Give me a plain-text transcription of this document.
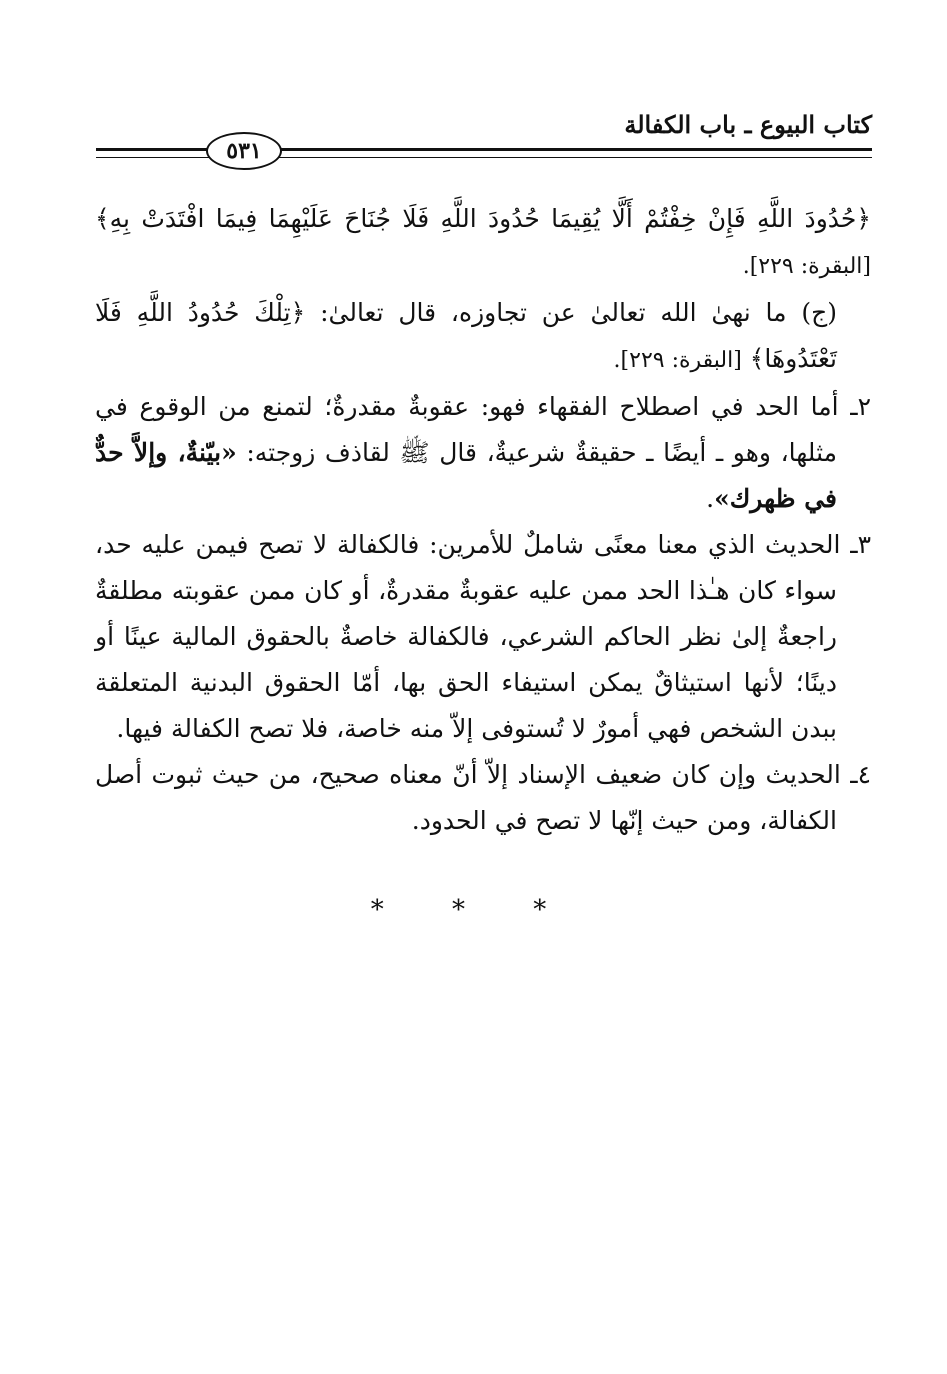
كتاب البيوع ـ باب الكفالة
٥٣١

﴿حُدُودَ اللَّهِ فَإِنْ خِفْتُمْ أَلَّا يُقِيمَا حُدُودَ اللَّهِ فَلَا جُنَاحَ عَلَيْهِمَا فِيمَا افْتَدَتْ بِهِ﴾ [البقرة: ٢٢٩].

(ج) ما نهىٰ الله تعالىٰ عن تجاوزه، قال تعالىٰ: ﴿تِلْكَ حُدُودُ اللَّهِ فَلَا تَعْتَدُوهَا﴾ [البقرة: ٢٢٩].

٢ـ أما الحد في اصطلاح الفقهاء فهو: عقوبةٌ مقدرةٌ؛ لتمنع من الوقوع في مثلها، وهو ـ أيضًا ـ حقيقةٌ شرعيةٌ، قال ﷺ لقاذف زوجته: «بيّنةٌ، وإلاَّ حدٌّ في ظهرك».

٣ـ الحديث الذي معنا معنًى شاملٌ للأمرين: فالكفالة لا تصح فيمن عليه حد، سواء كان هـٰذا الحد ممن عليه عقوبةٌ مقدرةٌ، أو كان ممن عقوبته مطلقةٌ راجعةٌ إلىٰ نظر الحاكم الشرعي، فالكفالة خاصةٌ بالحقوق المالية عينًا أو دينًا؛ لأنها استيثاقٌ يمكن استيفاء الحق بها، أمّا الحقوق البدنية المتعلقة ببدن الشخص فهي أمورٌ لا تُستوفى إلاّ منه خاصة، فلا تصح الكفالة فيها.

٤ـ الحديث وإن كان ضعيف الإسناد إلاّ أنّ معناه صحيح، من حيث ثبوت أصل الكفالة، ومن حيث إنّها لا تصح في الحدود.

* * *
